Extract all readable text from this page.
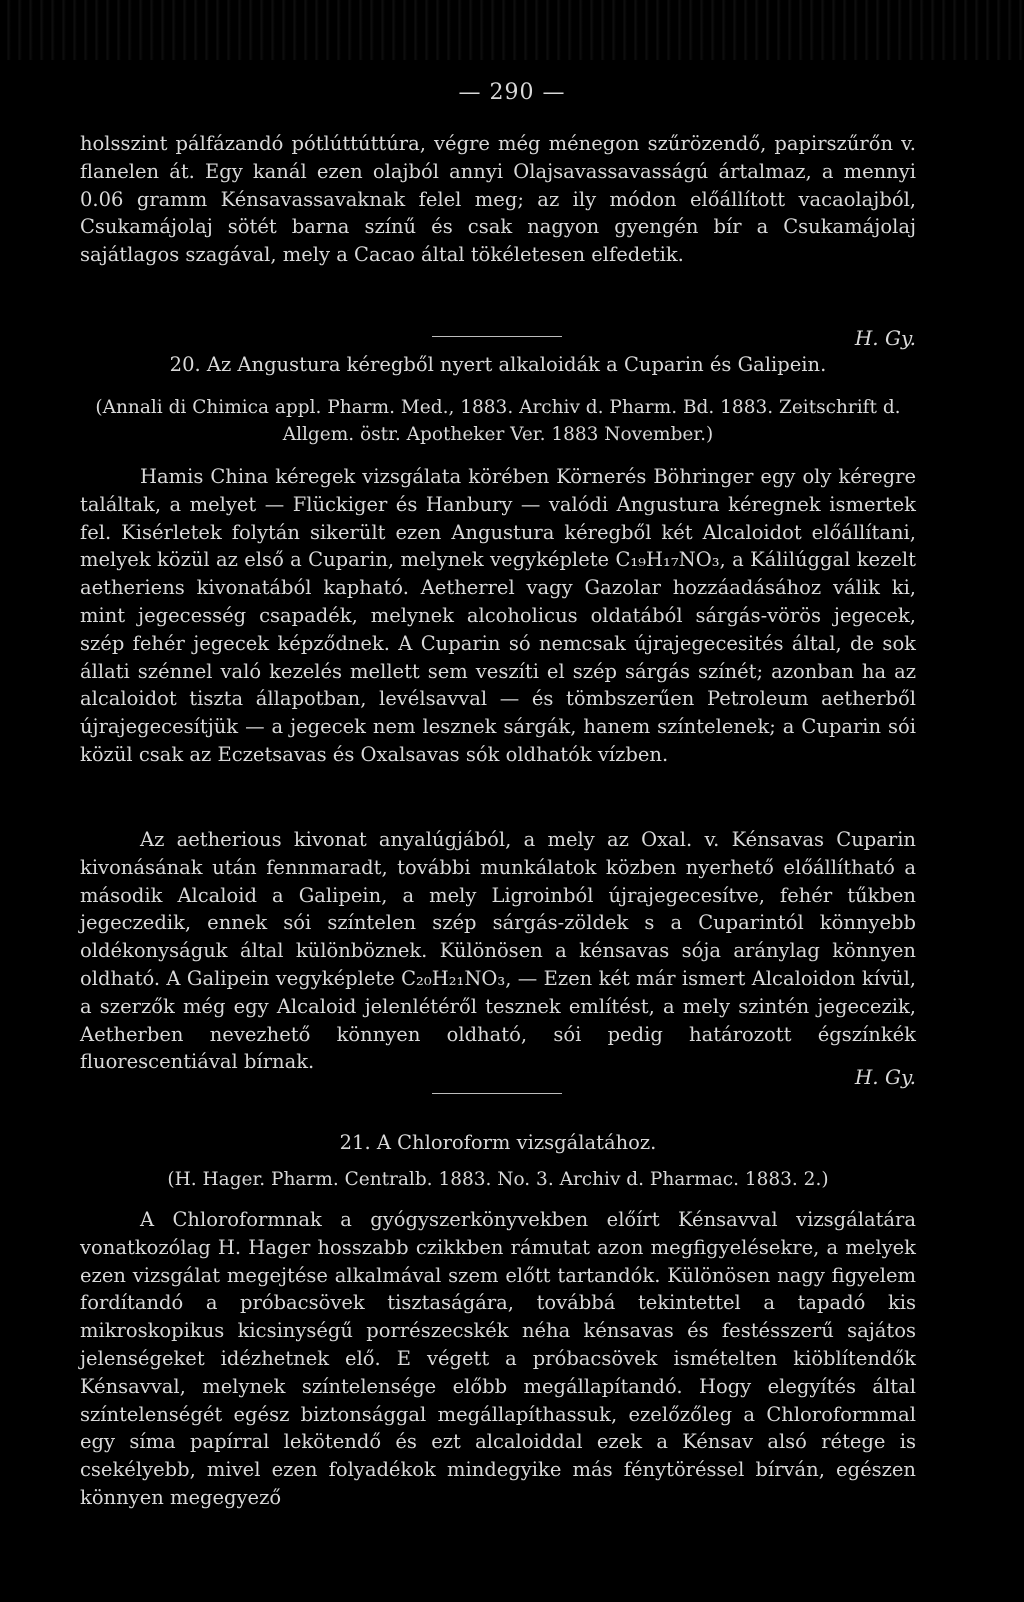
— 290 —
holsszint pálfázandó pótlúttúttúra, végre még ménegon szűrözendő, papirszűrőn v. flanelen át. Egy kanál ezen olajból annyi Olajsavassavasságú ártalmaz, a mennyi 0.06 gramm Kénsavassavaknak felel meg; az ily módon előállított vacaolajból, Csukamájolaj sötét barna színű és csak nagyon gyengén bír a Csukamájolaj sajátlagos szagával, mely a Cacao által tökéletesen elfedetik.
H. Gy.
20. Az Angustura kéregből nyert alkaloidák a Cuparin és Galipein.
(Annali di Chimica appl. Pharm. Med., 1883. Archiv d. Pharm. Bd. 1883. Zeitschrift d. Allgem. östr. Apotheker Ver. 1883 November.)
Hamis China kéregek vizsgálata körében Körnerés Böhringer egy oly kéregre találtak, a melyet — Flückiger és Hanbury — valódi Angustura kéregnek ismertek fel. Kisérletek folytán sikerült ezen Angustura kéregből két Alcaloidot előállítani, melyek közül az első a Cuparin, melynek vegyképlete C₁₉H₁₇NO₃, a Kálilúggal kezelt aetheriens kivonatából kapható. Aetherrel vagy Gazolar hozzáadásához válik ki, mint jegecesség csapadék, melynek alcoholicus oldatából sárgás-vörös jegecek, szép fehér jegecek képződnek. A Cuparin só nemcsak újrajegecesités által, de sok állati szénnel való kezelés mellett sem veszíti el szép sárgás színét; azonban ha az alcaloidot tiszta állapotban, levélsavval — és tömbszerűen Petroleum aetherből újrajegecesítjük — a jegecek nem lesznek sárgák, hanem színtelenek; a Cuparin sói közül csak az Eczetsavas és Oxalsavas sók oldhatók vízben.
Az aetherious kivonat anyalúgjából, a mely az Oxal. v. Kénsavas Cuparin kivonásának után fennmaradt, további munkálatok közben nyerhető előállítható a második Alcaloid a Galipein, a mely Ligroinból újrajegecesítve, fehér tűkben jegeczedik, ennek sói színtelen szép sárgás-zöldek s a Cuparintól könnyebb oldékonyságuk által különböznek. Különösen a kénsavas sója aránylag könnyen oldható. A Galipein vegyképlete C₂₀H₂₁NO₃, — Ezen két már ismert Alcaloidon kívül, a szerzők még egy Alcaloid jelenlétéről tesznek említést, a mely szintén jegecezik, Aetherben nevezhető könnyen oldható, sói pedig határozott égszínkék fluorescentiával bírnak.
H. Gy.
21. A Chloroform vizsgálatához.
(H. Hager. Pharm. Centralb. 1883. No. 3. Archiv d. Pharmac. 1883. 2.)
A Chloroformnak a gyógyszerkönyvekben előírt Kénsavval vizsgálatára vonatkozólag H. Hager hosszabb czikkben rámutat azon megfigyelésekre, a melyek ezen vizsgálat megejtése alkalmával szem előtt tartandók. Különösen nagy figyelem fordítandó a próbacsövek tisztaságára, továbbá tekintettel a tapadó kis mikroskopikus kicsinységű porrészecskék néha kénsavas és festésszerű sajátos jelenségeket idézhetnek elő. E végett a próbacsövek ismételten kiöblítendők Kénsavval, melynek színtelensége előbb megállapítandó. Hogy elegyítés által színtelenségét egész biztonsággal megállapíthassuk, ezelőzőleg a Chloroformmal egy síma papírral lekötendő és ezt alcaloiddal ezek a Kénsav alsó rétege is csekélyebb, mivel ezen folyadékok mindegyike más fénytöréssel bírván, egészen könnyen megegyező
